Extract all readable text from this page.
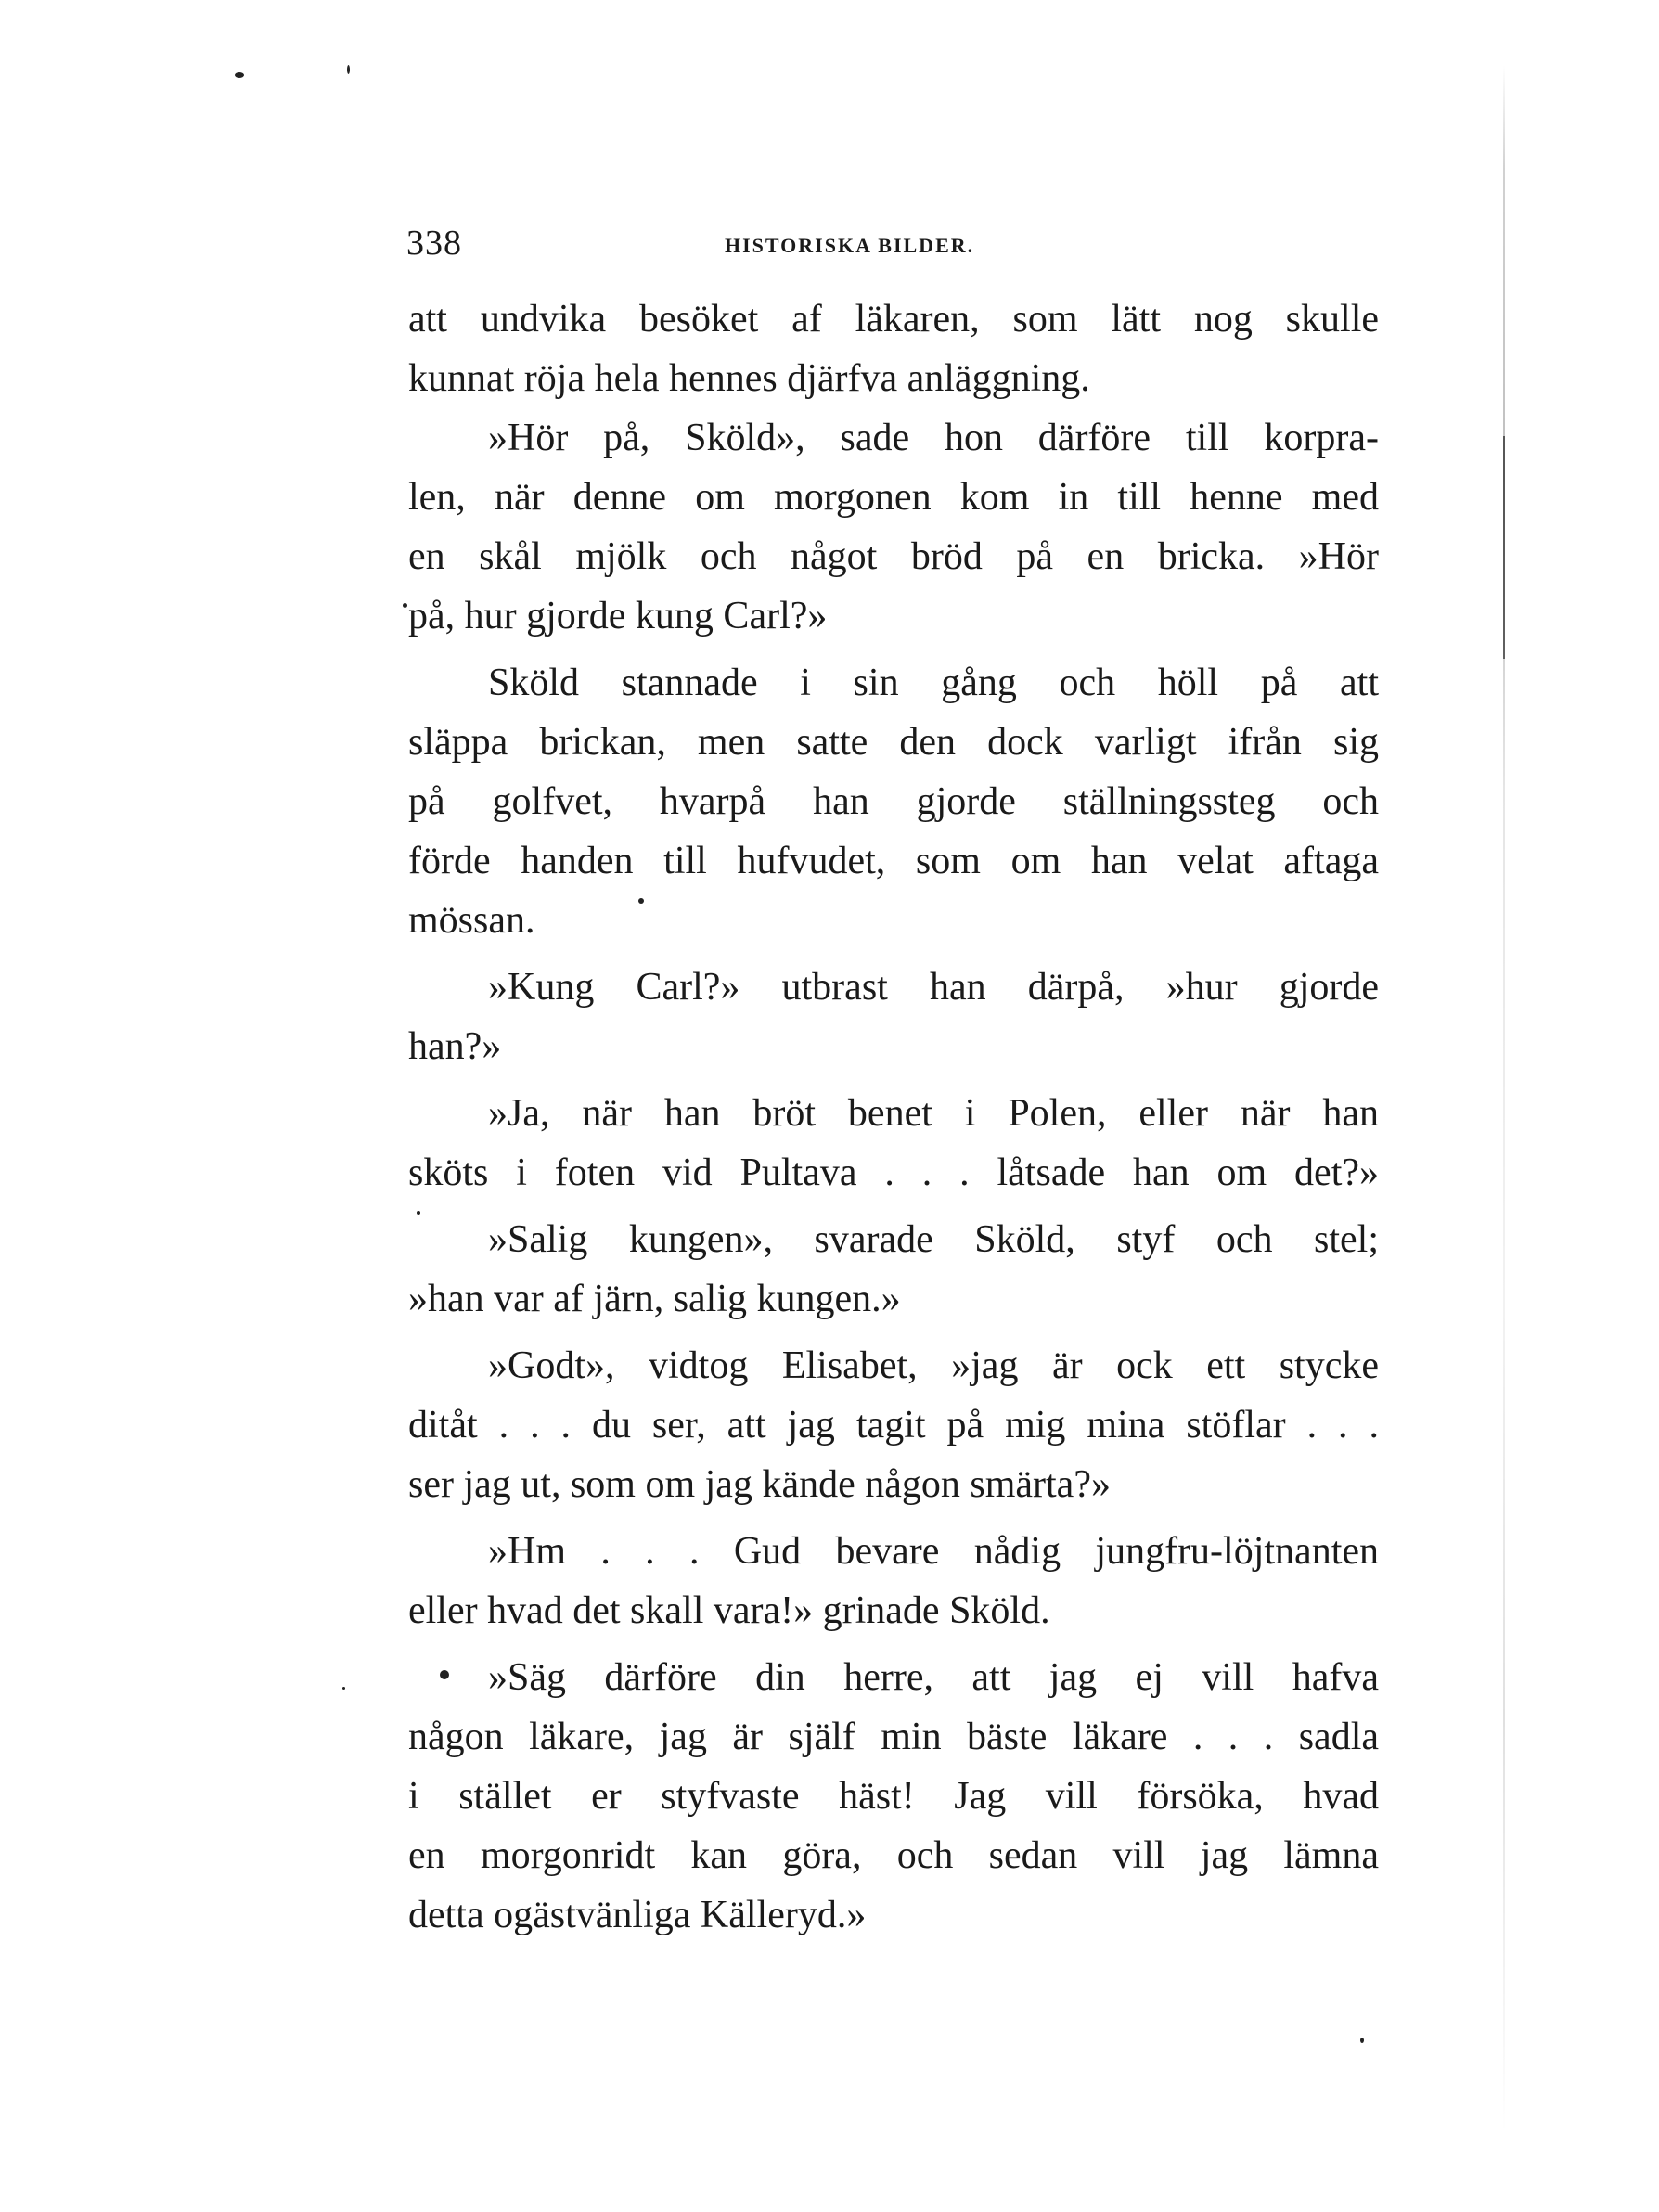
338	HISTORISKA BILDER.
att undvika besöket af läkaren, som lätt nog skulle
kunnat röja hela hennes djärfva anläggning.
»Hör på, Sköld», sade hon därföre till korpra-
len, när denne om morgonen kom in till henne med
en skål mjölk och något bröd på en bricka. »Hör
på, hur gjorde kung Carl?»
Sköld stannade i sin gång och höll på att
släppa brickan, men satte den dock varligt ifrån sig
på golfvet, hvarpå han gjorde ställningssteg och
förde handen till hufvudet, som om han velat aftaga
mössan.
»Kung Carl?» utbrast han därpå, »hur gjorde
han?»
»Ja, när han bröt benet i Polen, eller när han
sköts i foten vid Pultava . . . låtsade han om det?»
»Salig kungen», svarade Sköld, styf och stel;
»han var af järn, salig kungen.»
»Godt», vidtog Elisabet, »jag är ock ett stycke
ditåt . . . du ser, att jag tagit på mig mina stöflar . . .
ser jag ut, som om jag kände någon smärta?»
»Hm . . . Gud bevare nådig jungfru-löjtnanten
eller hvad det skall vara!» grinade Sköld.
»Säg därföre din herre, att jag ej vill hafva
någon läkare, jag är själf min bäste läkare . . . sadla
i stället er styfvaste häst! Jag vill försöka, hvad
en morgonridt kan göra, och sedan vill jag lämna
detta ogästvänliga Källeryd.»
